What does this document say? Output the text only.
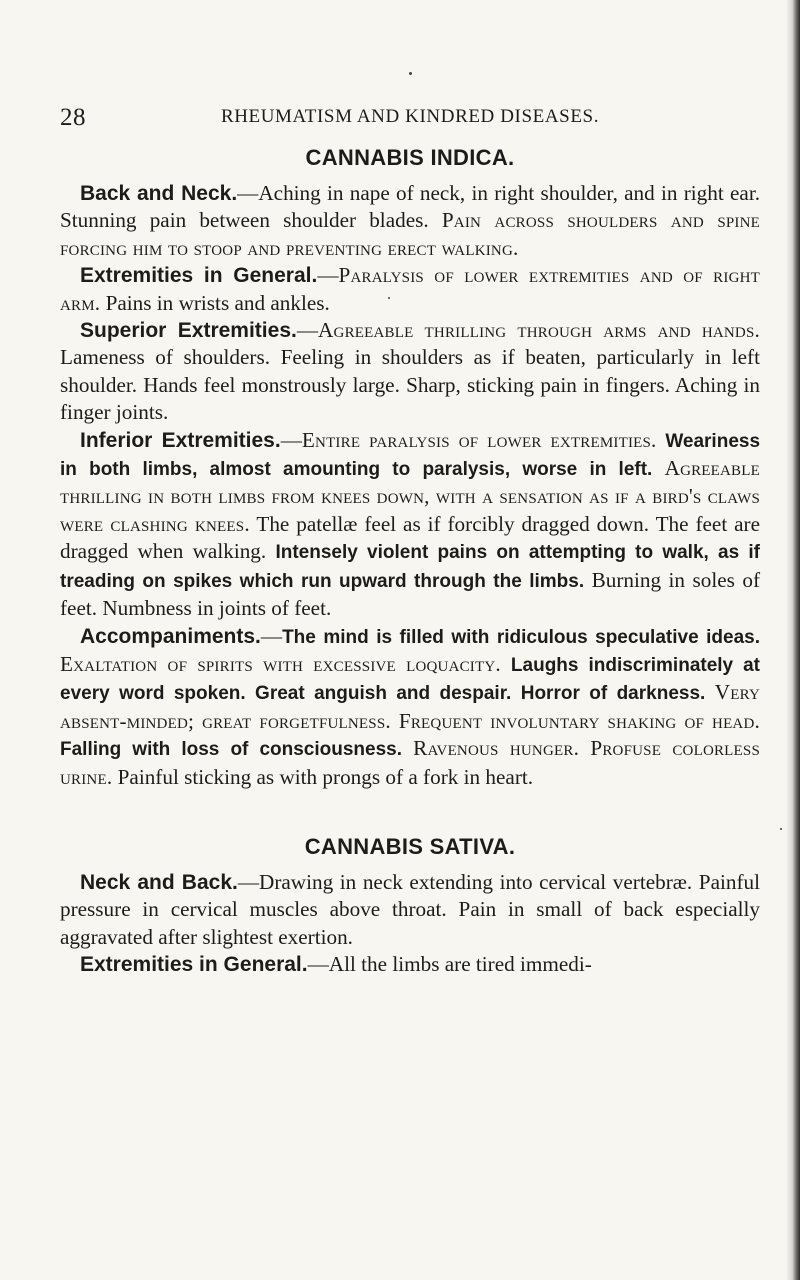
28	RHEUMATISM AND KINDRED DISEASES.
CANNABIS INDICA.

Back and Neck.—Aching in nape of neck, in right shoulder, and in right ear. Stunning pain between shoulder blades. Pain across shoulders and spine forcing him to stoop and preventing erect walking.

Extremities in General.—Paralysis of lower extremities and of right arm. Pains in wrists and ankles.

Superior Extremities.—Agreeable thrilling through arms and hands. Lameness of shoulders. Feeling in shoulders as if beaten, particularly in left shoulder. Hands feel monstrously large. Sharp, sticking pain in fingers. Aching in finger joints.

Inferior Extremities.—Entire paralysis of lower extremities. Weariness in both limbs, almost amounting to paralysis, worse in left. Agreeable thrilling in both limbs from knees down, with a sensation as if a bird's claws were clashing knees. The patellæ feel as if forcibly dragged down. The feet are dragged when walking. Intensely violent pains on attempting to walk, as if treading on spikes which run upward through the limbs. Burning in soles of feet. Numbness in joints of feet.

Accompaniments.—The mind is filled with ridiculous speculative ideas. Exaltation of spirits with excessive loquacity. Laughs indiscriminately at every word spoken. Great anguish and despair. Horror of darkness. Very absent-minded; great forgetfulness. Frequent involuntary shaking of head. Falling with loss of consciousness. Ravenous hunger. Profuse colorless urine. Painful sticking as with prongs of a fork in heart.

CANNABIS SATIVA.

Neck and Back.—Drawing in neck extending into cervical vertebræ. Painful pressure in cervical muscles above throat. Pain in small of back especially aggravated after slightest exertion.

Extremities in General.—All the limbs are tired immedi-
